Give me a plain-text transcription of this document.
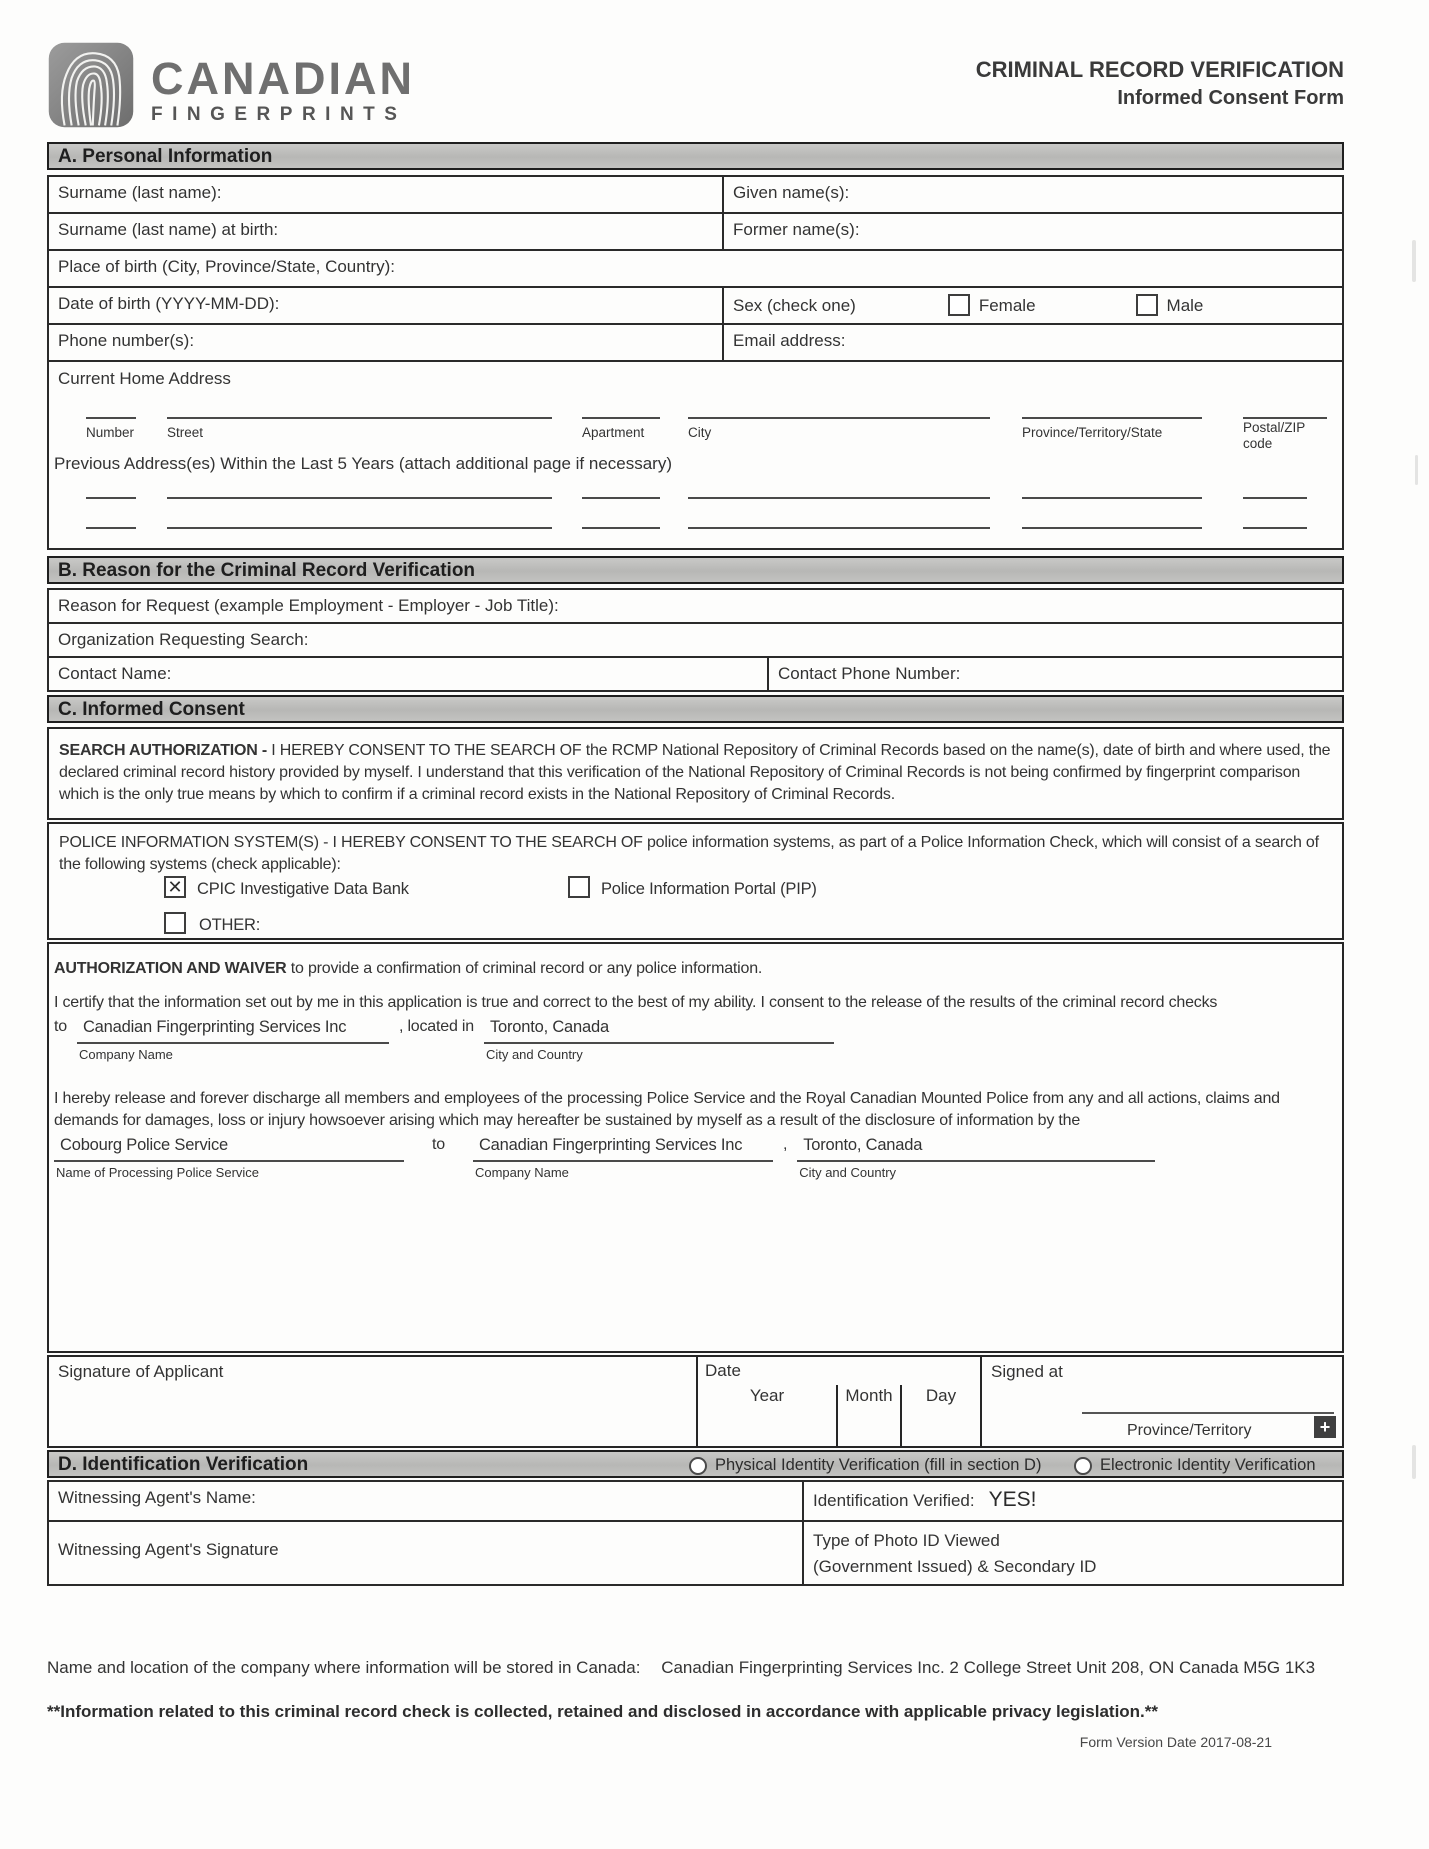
CANADIAN
FINGERPRINTS
CRIMINAL RECORD VERIFICATION
Informed Consent Form
A. Personal Information
Surname (last name):	Given name(s):
Surname (last name) at birth:	Former name(s):
Place of birth (City, Province/State, Country):
Date of birth (YYYY-MM-DD):	Sex (check one)	Female	Male
Phone number(s):	Email address:
Current Home Address
Number Street	Apartment	City	Province/Territory/State	Postal/ZIP code
Previous Address(es) Within the Last 5 Years (attach additional page if necessary)
B. Reason for the Criminal Record Verification
Reason for Request (example Employment - Employer - Job Title):
Organization Requesting Search:
Contact Name:	Contact Phone Number:
C. Informed Consent
SEARCH AUTHORIZATION - I HEREBY CONSENT TO THE SEARCH OF the RCMP National Repository of Criminal Records based on the name(s), date of birth and where used, the declared criminal record history provided by myself. I understand that this verification of the National Repository of Criminal Records is not being confirmed by fingerprint comparison which is the only true means by which to confirm if a criminal record exists in the National Repository of Criminal Records.
POLICE INFORMATION SYSTEM(S) - I HEREBY CONSENT TO THE SEARCH OF police information systems, as part of a Police Information Check, which will consist of a search of the following systems (check applicable):
✕ CPIC Investigative Data Bank	Police Information Portal (PIP)
OTHER:
AUTHORIZATION AND WAIVER to provide a confirmation of criminal record or any police information.
I certify that the information set out by me in this application is true and correct to the best of my ability. I consent to the release of the results of the criminal record checks
to Canadian Fingerprinting Services Inc
Company Name
, located in Toronto, Canada
City and Country
I hereby release and forever discharge all members and employees of the processing Police Service and the Royal Canadian Mounted Police from any and all actions, claims and demands for damages, loss or injury howsoever arising which may hereafter be sustained by myself as a result of the disclosure of information by the
Cobourg Police Service
Name of Processing Police Service
to	Canadian Fingerprinting Services Inc
Company Name
, Toronto, Canada
City and Country
Signature of Applicant	Date
Year	Month	Day
Signed at
Province/Territory	+
D. Identification Verification	Physical Identity Verification (fill in section D)	Electronic Identity Verification
Witnessing Agent's Name:	Identification Verified: YES!
Witnessing Agent's Signature	Type of Photo ID Viewed
(Government Issued) & Secondary ID
Name and location of the company where information will be stored in Canada: Canadian Fingerprinting Services Inc. 2 College Street Unit 208, ON Canada M5G 1K3
**Information related to this criminal record check is collected, retained and disclosed in accordance with applicable privacy legislation.**
Form Version Date 2017-08-21
